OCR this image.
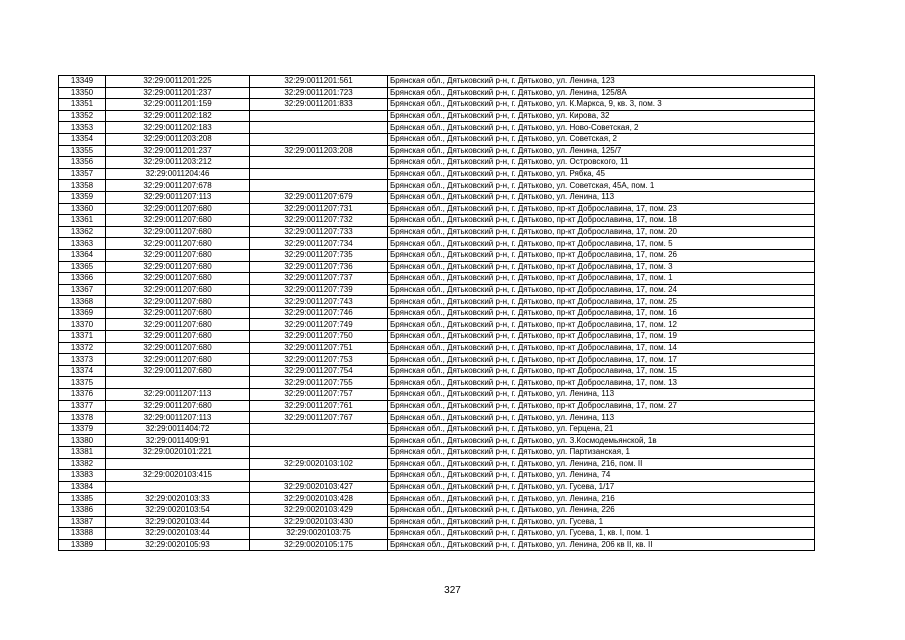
13349	32:29:0011201:225	32:29:0011201:561	Брянская обл., Дятьковский р-н, г. Дятьково, ул. Ленина, 123
13350	32:29:0011201:237	32:29:0011201:723	Брянская обл., Дятьковский р-н, г. Дятьково, ул. Ленина, 125/8А
13351	32:29:0011201:159	32:29:0011201:833	Брянская обл., Дятьковский р-н, г. Дятьково, ул. К.Маркса, 9, кв. 3, пом. 3
13352	32:29:0011202:182		Брянская обл., Дятьковский р-н, г. Дятьково, ул. Кирова, 32
13353	32:29:0011202:183		Брянская обл., Дятьковский р-н, г. Дятьково, ул. Ново-Советская, 2
13354	32:29:0011203:208		Брянская обл., Дятьковский р-н, г. Дятьково, ул. Советская, 2
13355	32:29:0011201:237	32:29:0011203:208	Брянская обл., Дятьковский р-н, г. Дятьково, ул. Ленина, 125/7
13356	32:29:0011203:212		Брянская обл., Дятьковский р-н, г. Дятьково, ул. Островского, 11
13357	32:29:0011204:46		Брянская обл., Дятьковский р-н, г. Дятьково, ул. Рябка, 45
13358	32:29:0011207:678		Брянская обл., Дятьковский р-н, г. Дятьково, ул. Советская, 45А, пом. 1
13359	32:29:0011207:113	32:29:0011207:679	Брянская обл., Дятьковский р-н, г. Дятьково, ул. Ленина, 113
13360	32:29:0011207:680	32:29:0011207:731	Брянская обл., Дятьковский р-н, г. Дятьково, пр-кт Доброславина, 17, пом. 23
13361	32:29:0011207:680	32:29:0011207:732	Брянская обл., Дятьковский р-н, г. Дятьково, пр-кт Доброславина, 17, пом. 18
13362	32:29:0011207:680	32:29:0011207:733	Брянская обл., Дятьковский р-н, г. Дятьково, пр-кт Доброславина, 17, пом. 20
13363	32:29:0011207:680	32:29:0011207:734	Брянская обл., Дятьковский р-н, г. Дятьково, пр-кт Доброславина, 17, пом. 5
13364	32:29:0011207:680	32:29:0011207:735	Брянская обл., Дятьковский р-н, г. Дятьково, пр-кт Доброславина, 17, пом. 26
13365	32:29:0011207:680	32:29:0011207:736	Брянская обл., Дятьковский р-н, г. Дятьково, пр-кт Доброславина, 17, пом. 3
13366	32:29:0011207:680	32:29:0011207:737	Брянская обл., Дятьковский р-н, г. Дятьково, пр-кт Доброславина, 17, пом. 1
13367	32:29:0011207:680	32:29:0011207:739	Брянская обл., Дятьковский р-н, г. Дятьково, пр-кт Доброславина, 17, пом. 24
13368	32:29:0011207:680	32:29:0011207:743	Брянская обл., Дятьковский р-н, г. Дятьково, пр-кт Доброславина, 17, пом. 25
13369	32:29:0011207:680	32:29:0011207:746	Брянская обл., Дятьковский р-н, г. Дятьково, пр-кт Доброславина, 17, пом. 16
13370	32:29:0011207:680	32:29:0011207:749	Брянская обл., Дятьковский р-н, г. Дятьково, пр-кт Доброславина, 17, пом. 12
13371	32:29:0011207:680	32:29:0011207:750	Брянская обл., Дятьковский р-н, г. Дятьково, пр-кт Доброславина, 17, пом. 19
13372	32:29:0011207:680	32:29:0011207:751	Брянская обл., Дятьковский р-н, г. Дятьково, пр-кт Доброславина, 17, пом. 14
13373	32:29:0011207:680	32:29:0011207:753	Брянская обл., Дятьковский р-н, г. Дятьково, пр-кт Доброславина, 17, пом. 17
13374	32:29:0011207:680	32:29:0011207:754	Брянская обл., Дятьковский р-н, г. Дятьково, пр-кт Доброславина, 17, пом. 15
13375		32:29:0011207:755	Брянская обл., Дятьковский р-н, г. Дятьково, пр-кт Доброславина, 17, пом. 13
13376	32:29:0011207:113	32:29:0011207:757	Брянская обл., Дятьковский р-н, г. Дятьково, ул. Ленина, 113
13377	32:29:0011207:680	32:29:0011207:761	Брянская обл., Дятьковский р-н, г. Дятьково, пр-кт Доброславина, 17, пом. 27
13378	32:29:0011207:113	32:29:0011207:767	Брянская обл., Дятьковский р-н, г. Дятьково, ул. Ленина, 113
13379	32:29:0011404:72		Брянская обл., Дятьковский р-н, г. Дятьково, ул. Герцена, 21
13380	32:29:0011409:91		Брянская обл., Дятьковский р-н, г. Дятьково, ул. З.Космодемьянской, 1в
13381	32:29:0020101:221		Брянская обл., Дятьковский р-н, г. Дятьково, ул. Партизанская, 1
13382		32:29:0020103:102	Брянская обл., Дятьковский р-н, г. Дятьково, ул. Ленина, 216, пом. II
13383	32:29:0020103:415		Брянская обл., Дятьковский р-н, г. Дятьково, ул. Ленина, 74
13384		32:29:0020103:427	Брянская обл., Дятьковский р-н, г. Дятьково, ул. Гусева, 1/17
13385	32:29:0020103:33	32:29:0020103:428	Брянская обл., Дятьковский р-н, г. Дятьково, ул. Ленина, 216
13386	32:29:0020103:54	32:29:0020103:429	Брянская обл., Дятьковский р-н, г. Дятьково, ул. Ленина, 226
13387	32:29:0020103:44	32:29:0020103:430	Брянская обл., Дятьковский р-н, г. Дятьково, ул. Гусева, 1
13388	32:29:0020103:44	32:29:0020103:75	Брянская обл., Дятьковский р-н, г. Дятьково, ул. Гусева, 1, кв. I, пом. 1
13389	32:29:0020105:93	32:29:0020105:175	Брянская обл., Дятьковский р-н, г. Дятьково, ул. Ленина, 206 кв II, кв. II
327
